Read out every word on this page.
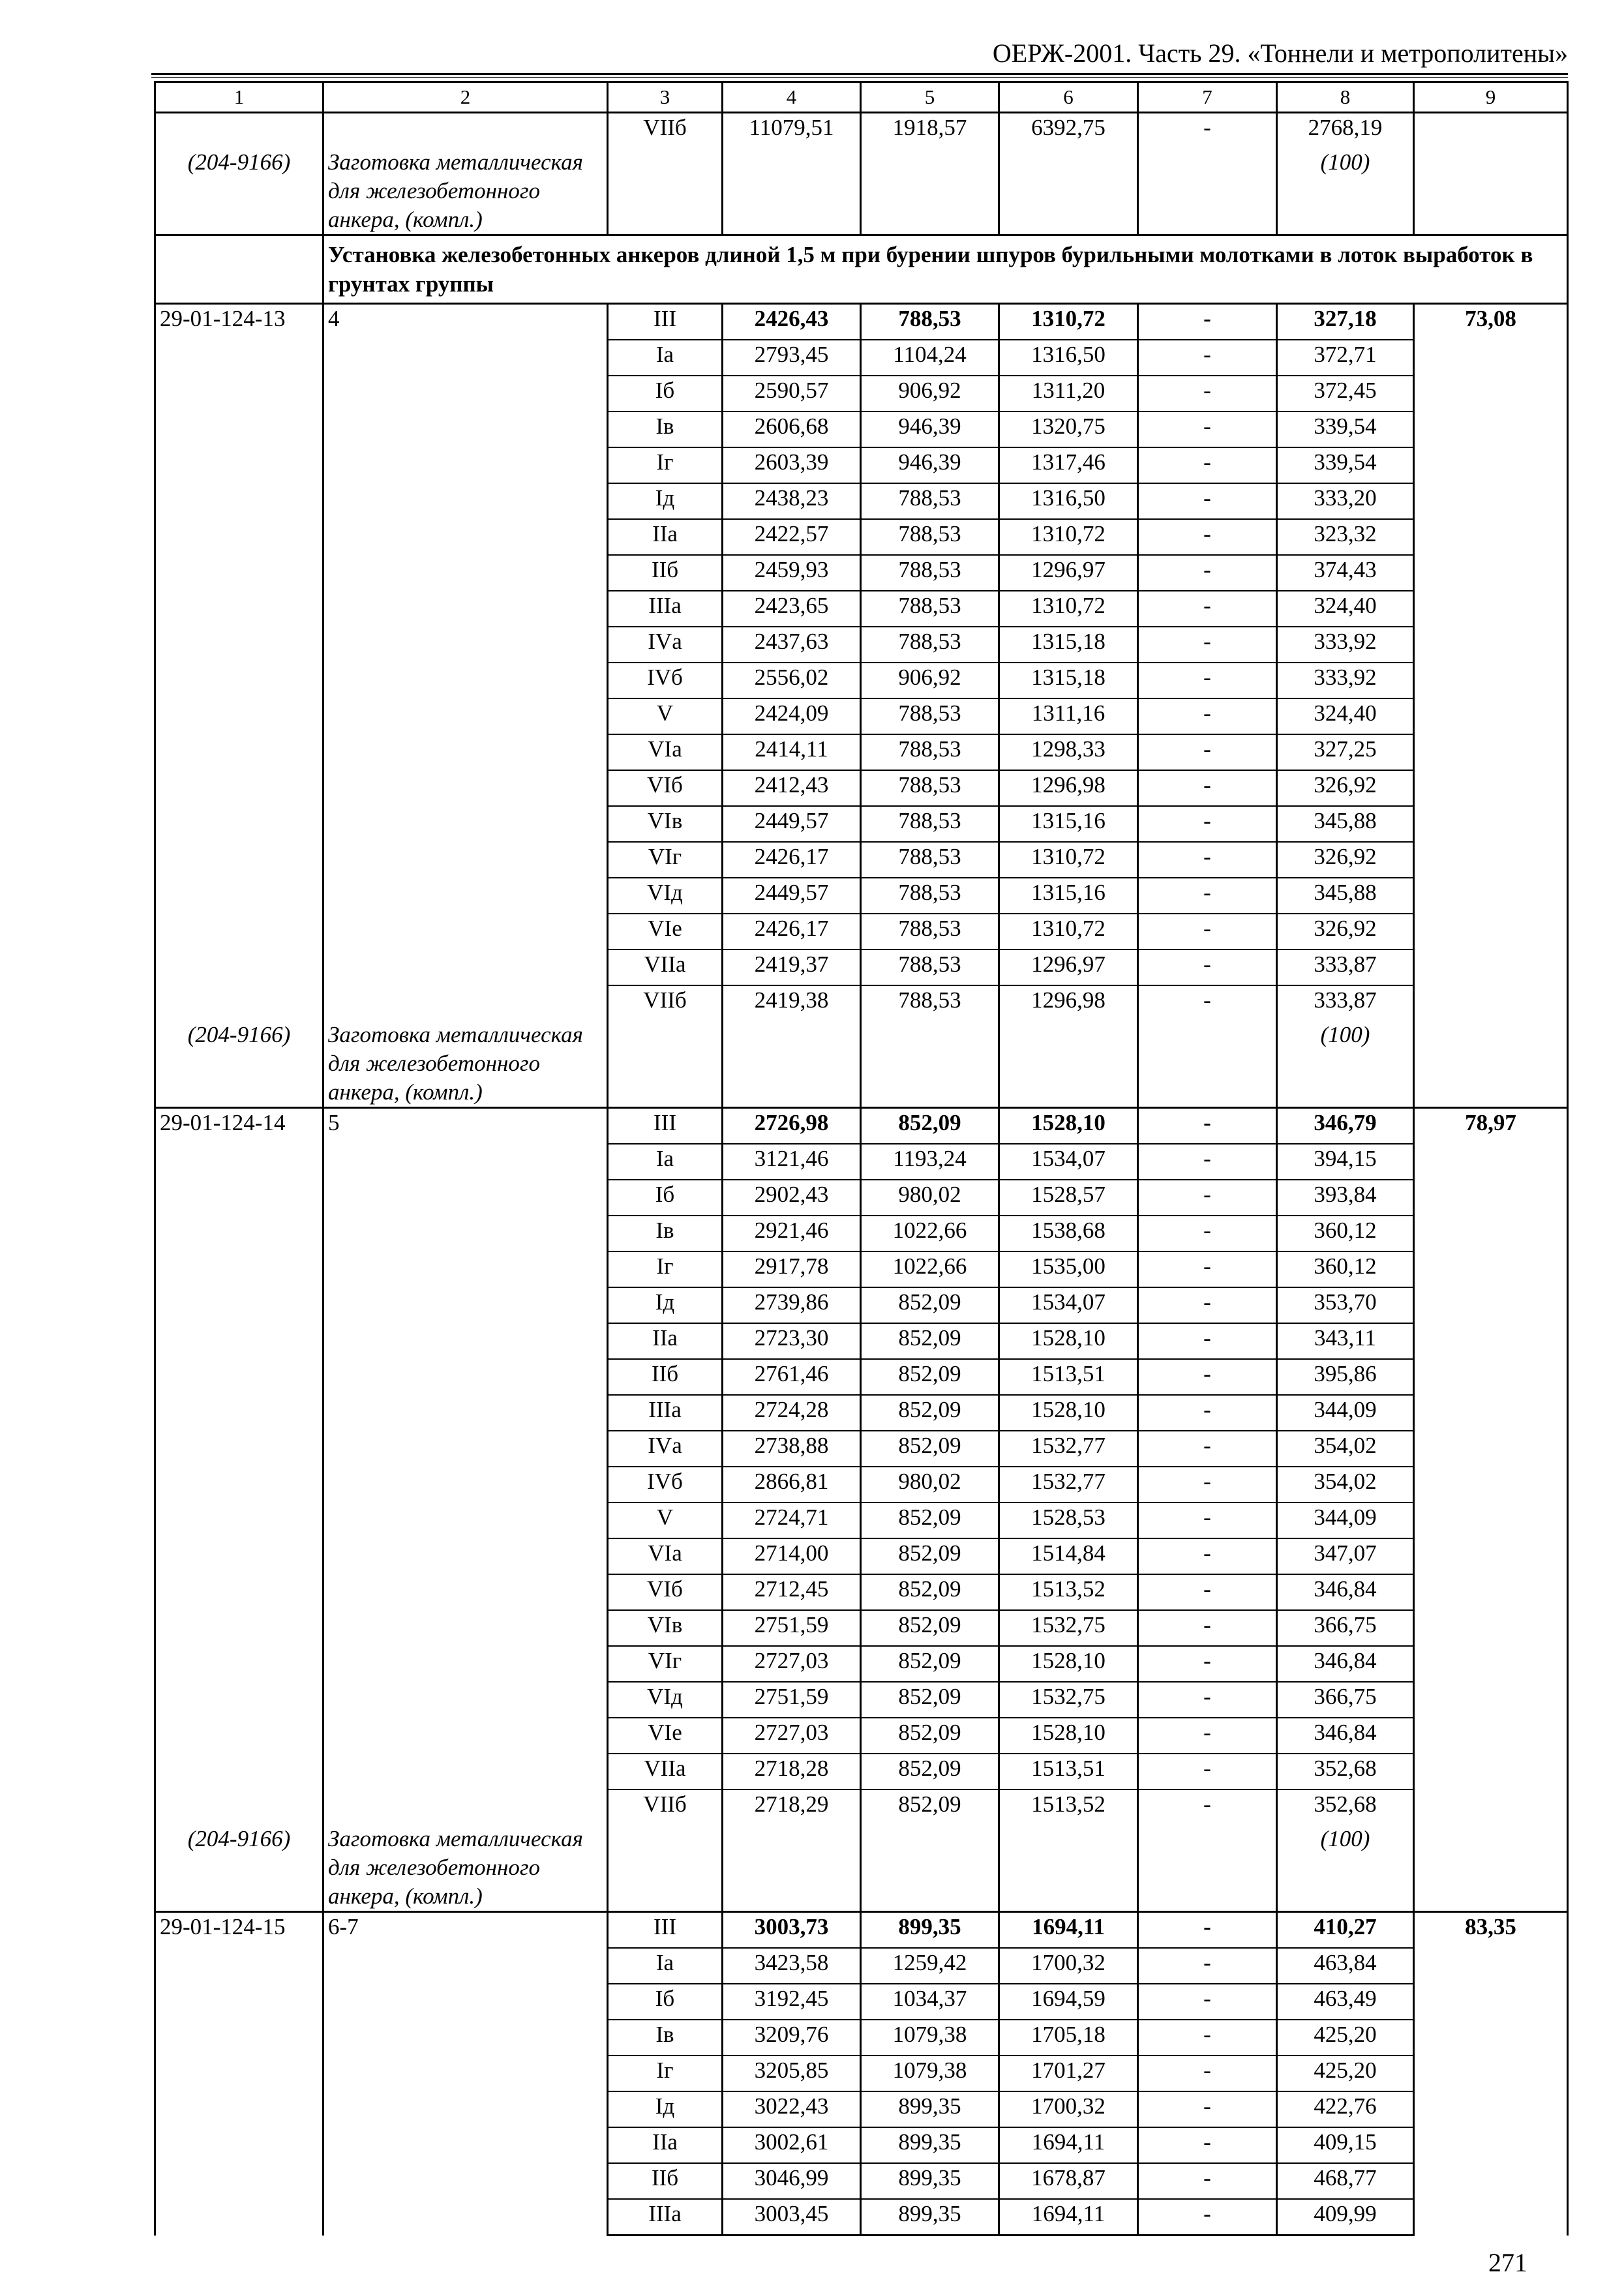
ОЕРЖ-2001. Часть 29. «Тоннели и метрополитены»
1	2	3	4	5	6	7	8	9
		VIIб	11079,51	1918,57	6392,75	-	2768,19	
(204-9166)	Заготовка металлическая для железобетонного анкера, (компл.)						(100)	
	Установка железобетонных анкеров длиной 1,5 м при бурении шпуров бурильными молотками в лоток выработок в грунтах группы							
29-01-124-13	4	III	2426,43	788,53	1310,72	-	327,18	73,08
		Iа	2793,45	1104,24	1316,50	-	372,71	
		Iб	2590,57	906,92	1311,20	-	372,45	
		Iв	2606,68	946,39	1320,75	-	339,54	
		Iг	2603,39	946,39	1317,46	-	339,54	
		Iд	2438,23	788,53	1316,50	-	333,20	
		IIа	2422,57	788,53	1310,72	-	323,32	
		IIб	2459,93	788,53	1296,97	-	374,43	
		IIIа	2423,65	788,53	1310,72	-	324,40	
		IVа	2437,63	788,53	1315,18	-	333,92	
		IVб	2556,02	906,92	1315,18	-	333,92	
		V	2424,09	788,53	1311,16	-	324,40	
		VIа	2414,11	788,53	1298,33	-	327,25	
		VIб	2412,43	788,53	1296,98	-	326,92	
		VIв	2449,57	788,53	1315,16	-	345,88	
		VIг	2426,17	788,53	1310,72	-	326,92	
		VIд	2449,57	788,53	1315,16	-	345,88	
		VIе	2426,17	788,53	1310,72	-	326,92	
		VIIа	2419,37	788,53	1296,97	-	333,87	
		VIIб	2419,38	788,53	1296,98	-	333,87	
(204-9166)	Заготовка металлическая для железобетонного анкера, (компл.)						(100)	
29-01-124-14	5	III	2726,98	852,09	1528,10	-	346,79	78,97
		Iа	3121,46	1193,24	1534,07	-	394,15	
		Iб	2902,43	980,02	1528,57	-	393,84	
		Iв	2921,46	1022,66	1538,68	-	360,12	
		Iг	2917,78	1022,66	1535,00	-	360,12	
		Iд	2739,86	852,09	1534,07	-	353,70	
		IIа	2723,30	852,09	1528,10	-	343,11	
		IIб	2761,46	852,09	1513,51	-	395,86	
		IIIа	2724,28	852,09	1528,10	-	344,09	
		IVа	2738,88	852,09	1532,77	-	354,02	
		IVб	2866,81	980,02	1532,77	-	354,02	
		V	2724,71	852,09	1528,53	-	344,09	
		VIа	2714,00	852,09	1514,84	-	347,07	
		VIб	2712,45	852,09	1513,52	-	346,84	
		VIв	2751,59	852,09	1532,75	-	366,75	
		VIг	2727,03	852,09	1528,10	-	346,84	
		VIд	2751,59	852,09	1532,75	-	366,75	
		VIе	2727,03	852,09	1528,10	-	346,84	
		VIIа	2718,28	852,09	1513,51	-	352,68	
		VIIб	2718,29	852,09	1513,52	-	352,68	
(204-9166)	Заготовка металлическая для железобетонного анкера, (компл.)						(100)	
29-01-124-15	6-7	III	3003,73	899,35	1694,11	-	410,27	83,35
		Iа	3423,58	1259,42	1700,32	-	463,84	
		Iб	3192,45	1034,37	1694,59	-	463,49	
		Iв	3209,76	1079,38	1705,18	-	425,20	
		Iг	3205,85	1079,38	1701,27	-	425,20	
		Iд	3022,43	899,35	1700,32	-	422,76	
		IIа	3002,61	899,35	1694,11	-	409,15	
		IIб	3046,99	899,35	1678,87	-	468,77	
		IIIа	3003,45	899,35	1694,11	-	409,99	
271
